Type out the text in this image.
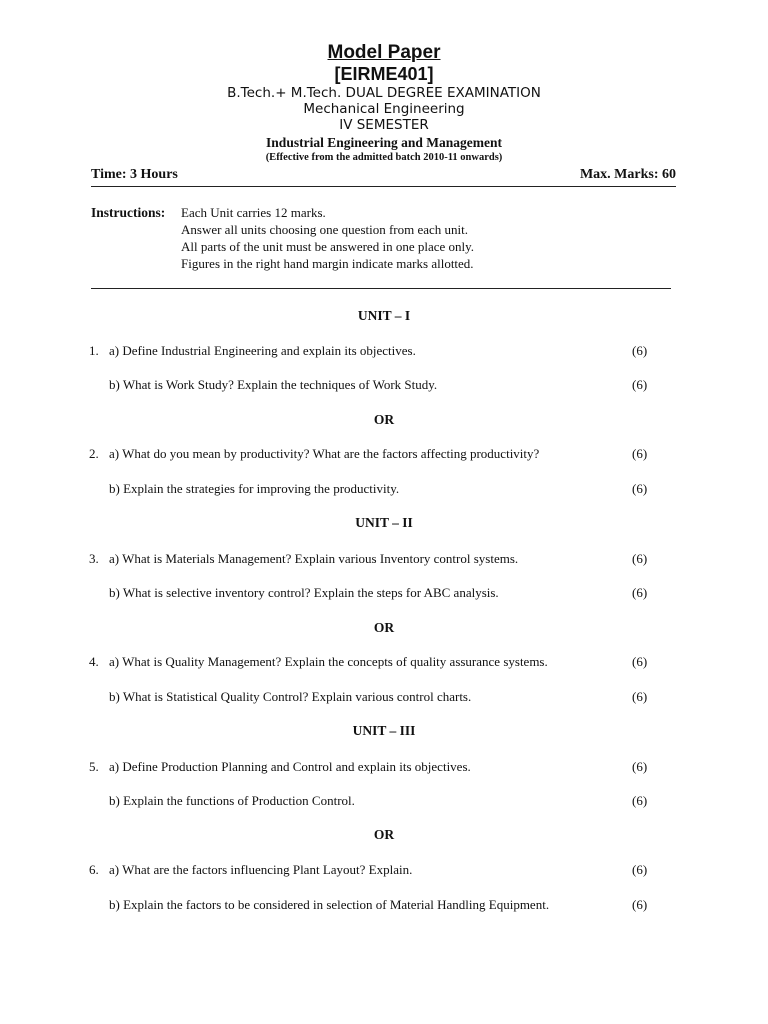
Model Paper
[EIRME401]
B.Tech.+ M.Tech. DUAL DEGREE EXAMINATION
Mechanical Engineering
IV SEMESTER
Industrial Engineering and Management
(Effective from the admitted batch 2010-11 onwards)
Time: 3 Hours	Max. Marks: 60
Instructions: Each Unit carries 12 marks.
Answer all units choosing one question from each unit.
All parts of the unit must be answered in one place only.
Figures in the right hand margin indicate marks allotted.
UNIT – I
1. a) Define Industrial Engineering and explain its objectives.	(6)
b) What is Work Study? Explain the techniques of Work Study.	(6)
OR
2. a) What do you mean by productivity? What are the factors affecting productivity?	(6)
b) Explain the strategies for improving the productivity.	(6)
UNIT – II
3. a) What is Materials Management? Explain various Inventory control systems.	(6)
b) What is selective inventory control? Explain the steps for ABC analysis.	(6)
OR
4. a) What is Quality Management? Explain the concepts of quality assurance systems.	(6)
b) What is Statistical Quality Control? Explain various control charts.	(6)
UNIT – III
5. a) Define Production Planning and Control and explain its objectives.	(6)
b) Explain the functions of Production Control.	(6)
OR
6. a) What are the factors influencing Plant Layout? Explain.	(6)
b) Explain the factors to be considered in selection of Material Handling Equipment.	(6)
